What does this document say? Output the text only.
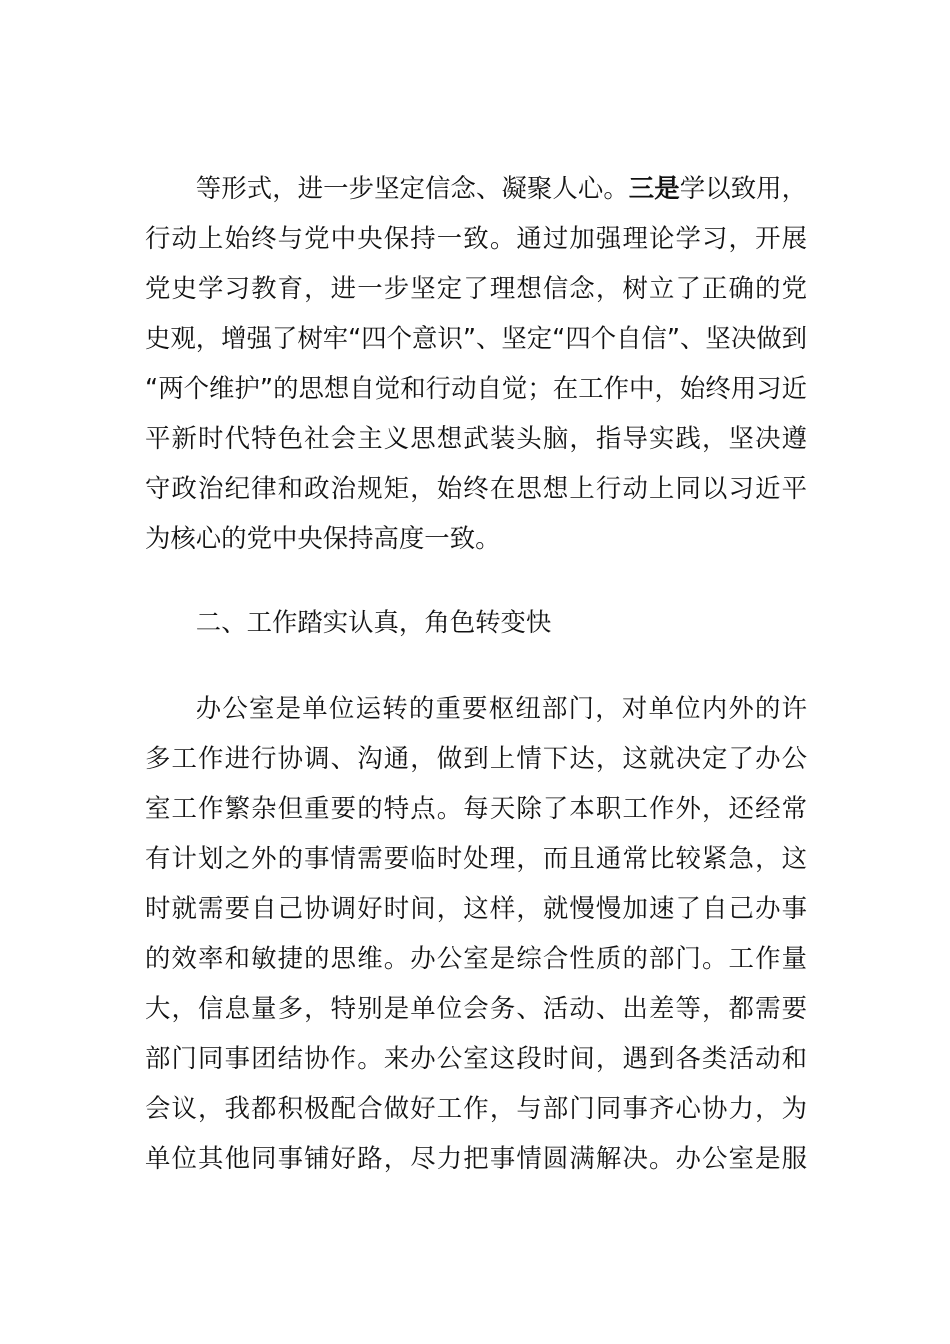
等形式，进一步坚定信念、凝聚人心。三是学以致用，
行动上始终与党中央保持一致。通过加强理论学习，开展
党史学习教育，进一步坚定了理想信念，树立了正确的党
史观，增强了树牢“四个意识”、坚定“四个自信”、坚决做到
“两个维护”的思想自觉和行动自觉；在工作中，始终用习近
平新时代特色社会主义思想武装头脑，指导实践，坚决遵
守政治纪律和政治规矩，始终在思想上行动上同以习近平
为核心的党中央保持高度一致。

二、工作踏实认真，角色转变快

办公室是单位运转的重要枢纽部门，对单位内外的许
多工作进行协调、沟通，做到上情下达，这就决定了办公
室工作繁杂但重要的特点。每天除了本职工作外，还经常
有计划之外的事情需要临时处理，而且通常比较紧急，这
时就需要自己协调好时间，这样，就慢慢加速了自己办事
的效率和敏捷的思维。办公室是综合性质的部门。工作量
大，信息量多，特别是单位会务、活动、出差等，都需要
部门同事团结协作。来办公室这段时间，遇到各类活动和
会议，我都积极配合做好工作，与部门同事齐心协力，为
单位其他同事铺好路，尽力把事情圆满解决。办公室是服
